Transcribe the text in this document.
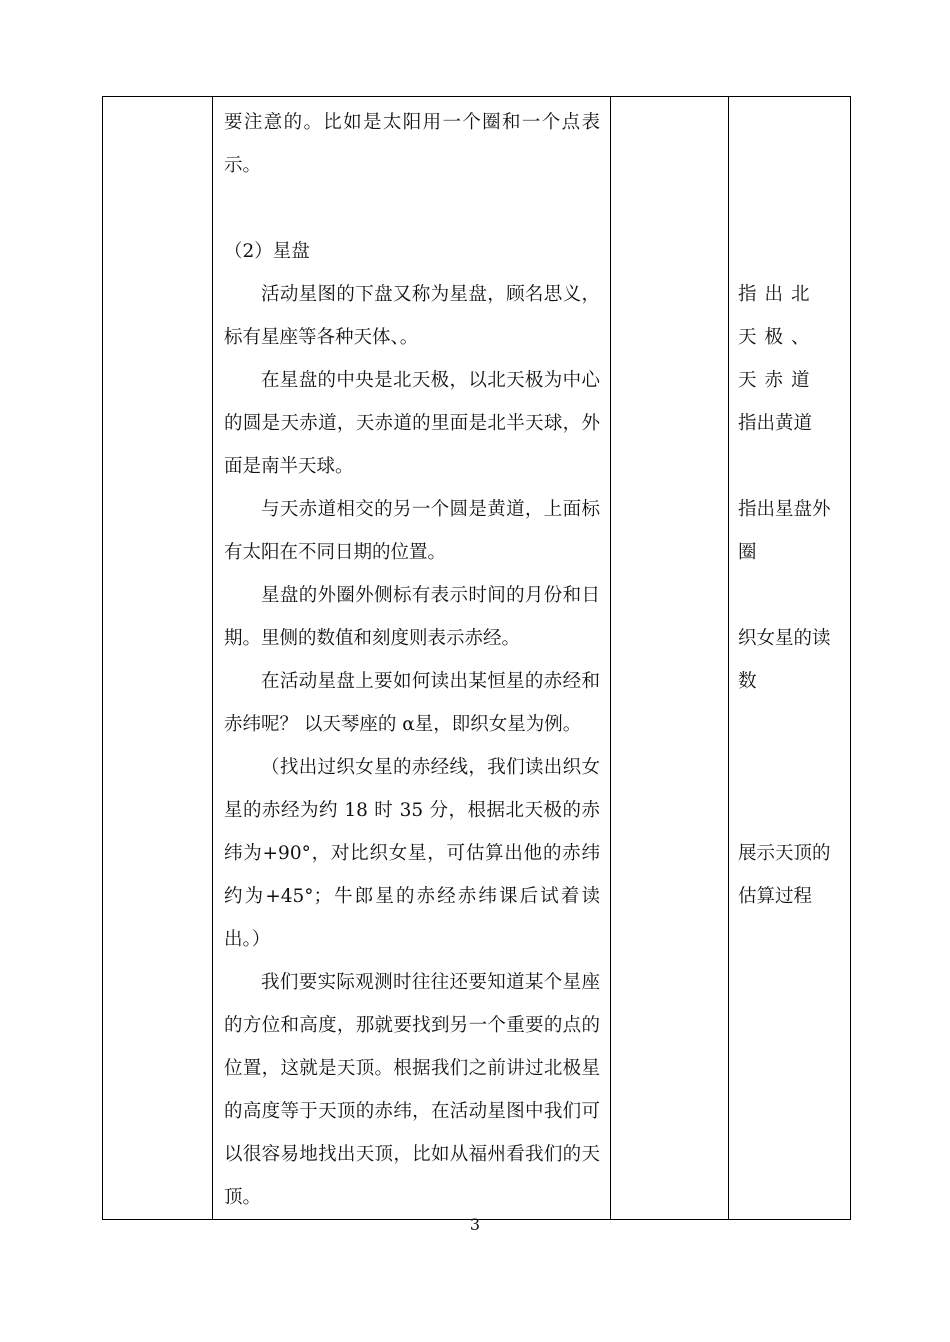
要注意的。比如是太阳用一个圈和一个点表示。

（2）星盘

活动星图的下盘又称为星盘，顾名思义，标有星座等各种天体、。

在星盘的中央是北天极，以北天极为中心的圆是天赤道，天赤道的里面是北半天球，外面是南半天球。

与天赤道相交的另一个圆是黄道，上面标有太阳在不同日期的位置。

星盘的外圈外侧标有表示时间的月份和日期。里侧的数值和刻度则表示赤经。

在活动星盘上要如何读出某恒星的赤经和赤纬呢？ 以天琴座的 α星，即织女星为例。

（找出过织女星的赤经线，我们读出织女星的赤经为约 18 时 35 分，根据北天极的赤纬为+90°，对比织女星，可估算出他的赤纬约为+45°；牛郎星的赤经赤纬课后试着读出。）

我们要实际观测时往往还要知道某个星座的方位和高度，那就要找到另一个重要的点的位置，这就是天顶。根据我们之前讲过北极星的高度等于天顶的赤纬，在活动星图中我们可以很容易地找出天顶，比如从福州看我们的天顶。

指出北天极、天赤道

指出黄道

指出星盘外圈

织女星的读数

展示天顶的估算过程

3
